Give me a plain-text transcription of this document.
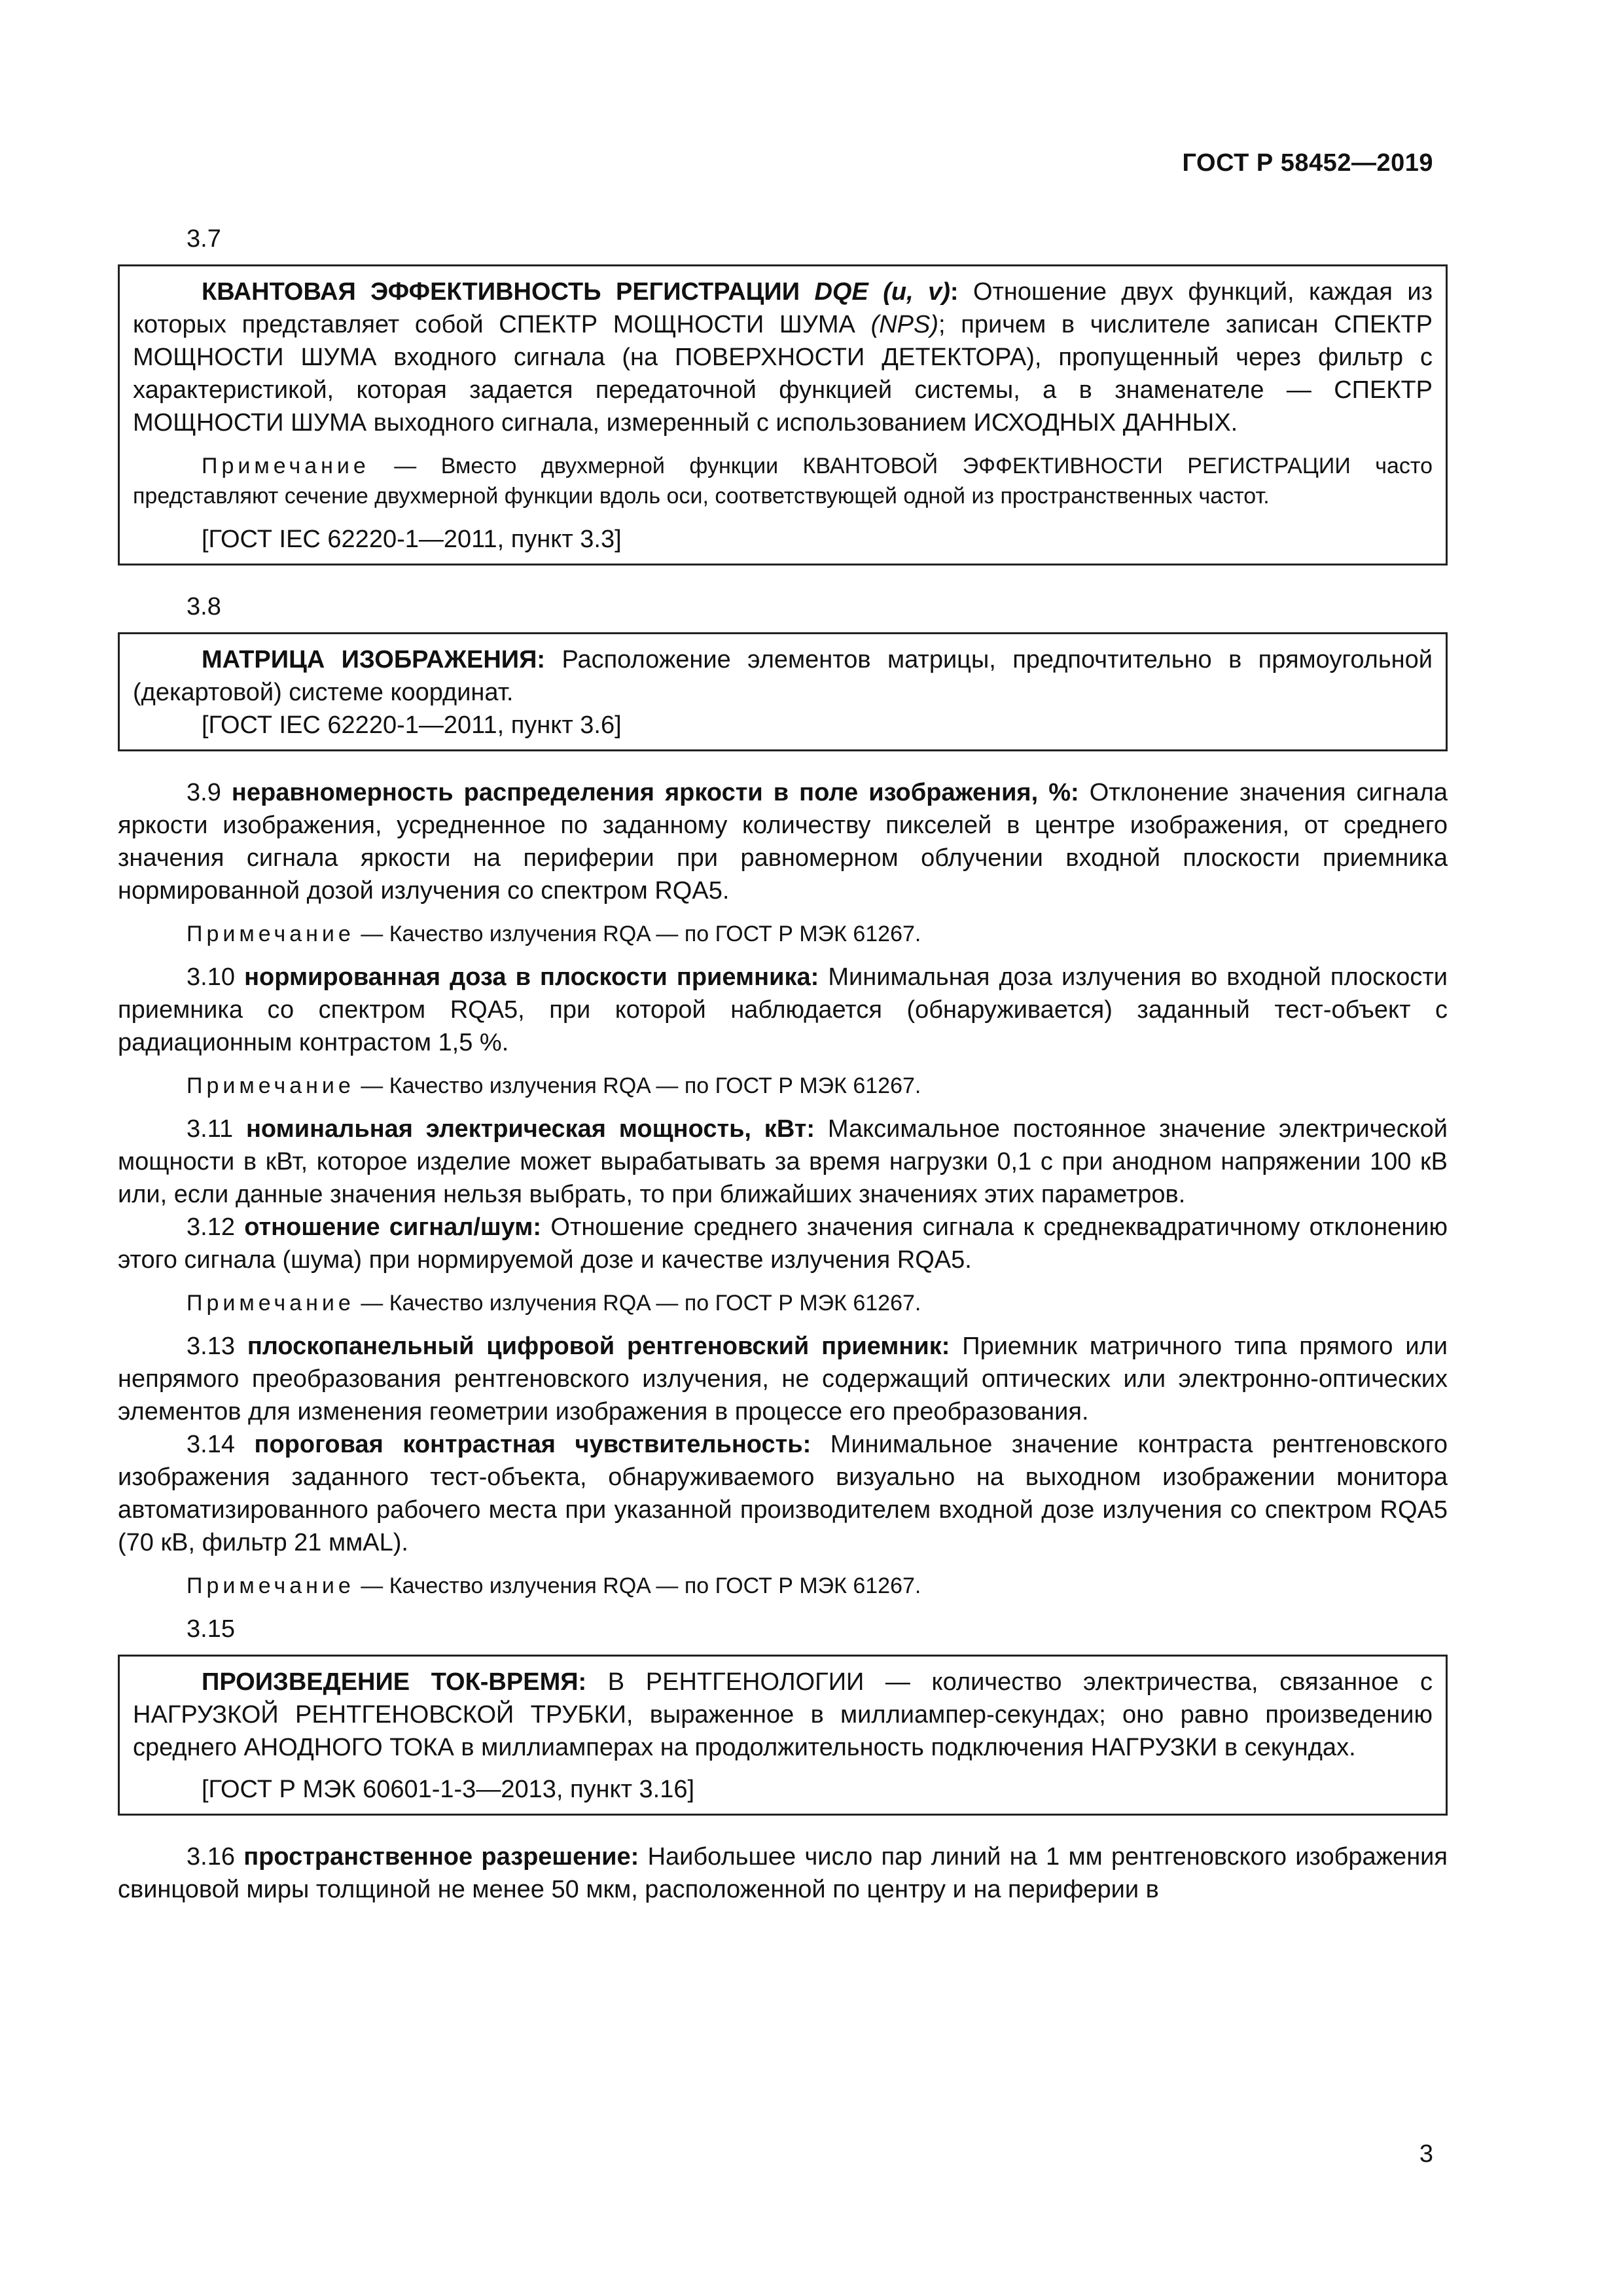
ГОСТ Р 58452—2019
3.7

КВАНТОВАЯ ЭФФЕКТИВНОСТЬ РЕГИСТРАЦИИ DQE (u, v): Отношение двух функций, каждая из которых представляет собой СПЕКТР МОЩНОСТИ ШУМА (NPS); причем в числителе записан СПЕКТР МОЩНОСТИ ШУМА входного сигнала (на ПОВЕРХНОСТИ ДЕТЕКТОРА), пропущенный через фильтр с характеристикой, которая задается передаточной функцией системы, а в знаменателе — СПЕКТР МОЩНОСТИ ШУМА выходного сигнала, измеренный с использованием ИСХОДНЫХ ДАННЫХ.

Примечание — Вместо двухмерной функции КВАНТОВОЙ ЭФФЕКТИВНОСТИ РЕГИСТРАЦИИ часто представляют сечение двухмерной функции вдоль оси, соответствующей одной из пространственных частот.

[ГОСТ IEC 62220-1—2011, пункт 3.3]

3.8

МАТРИЦА ИЗОБРАЖЕНИЯ: Расположение элементов матрицы, предпочтительно в прямоугольной (декартовой) системе координат.

[ГОСТ IEC 62220-1—2011, пункт 3.6]

3.9 неравномерность распределения яркости в поле изображения, %: Отклонение значения сигнала яркости изображения, усредненное по заданному количеству пикселей в центре изображения, от среднего значения сигнала яркости на периферии при равномерном облучении входной плоскости приемника нормированной дозой излучения со спектром RQA5.

Примечание — Качество излучения RQA — по ГОСТ Р МЭК 61267.

3.10 нормированная доза в плоскости приемника: Минимальная доза излучения во входной плоскости приемника со спектром RQA5, при которой наблюдается (обнаруживается) заданный тест-объект с радиационным контрастом 1,5 %.

Примечание — Качество излучения RQA — по ГОСТ Р МЭК 61267.

3.11 номинальная электрическая мощность, кВт: Максимальное постоянное значение электрической мощности в кВт, которое изделие может вырабатывать за время нагрузки 0,1 с при анодном напряжении 100 кВ или, если данные значения нельзя выбрать, то при ближайших значениях этих параметров.

3.12 отношение сигнал/шум: Отношение среднего значения сигнала к среднеквадратичному отклонению этого сигнала (шума) при нормируемой дозе и качестве излучения RQA5.

Примечание — Качество излучения RQA — по ГОСТ Р МЭК 61267.

3.13 плоскопанельный цифровой рентгеновский приемник: Приемник матричного типа прямого или непрямого преобразования рентгеновского излучения, не содержащий оптических или электронно-оптических элементов для изменения геометрии изображения в процессе его преобразования.

3.14 пороговая контрастная чувствительность: Минимальное значение контраста рентгеновского изображения заданного тест-объекта, обнаруживаемого визуально на выходном изображении монитора автоматизированного рабочего места при указанной производителем входной дозе излучения со спектром RQA5 (70 кВ, фильтр 21 ммAL).

Примечание — Качество излучения RQA — по ГОСТ Р МЭК 61267.

3.15

ПРОИЗВЕДЕНИЕ ТОК-ВРЕМЯ: В РЕНТГЕНОЛОГИИ — количество электричества, связанное с НАГРУЗКОЙ РЕНТГЕНОВСКОЙ ТРУБКИ, выраженное в миллиампер-секундах; оно равно произведению среднего АНОДНОГО ТОКА в миллиамперах на продолжительность подключения НАГРУЗКИ в секундах.

[ГОСТ Р МЭК 60601-1-3—2013, пункт 3.16]

3.16 пространственное разрешение: Наибольшее число пар линий на 1 мм рентгеновского изображения свинцовой миры толщиной не менее 50 мкм, расположенной по центру и на периферии в

3
